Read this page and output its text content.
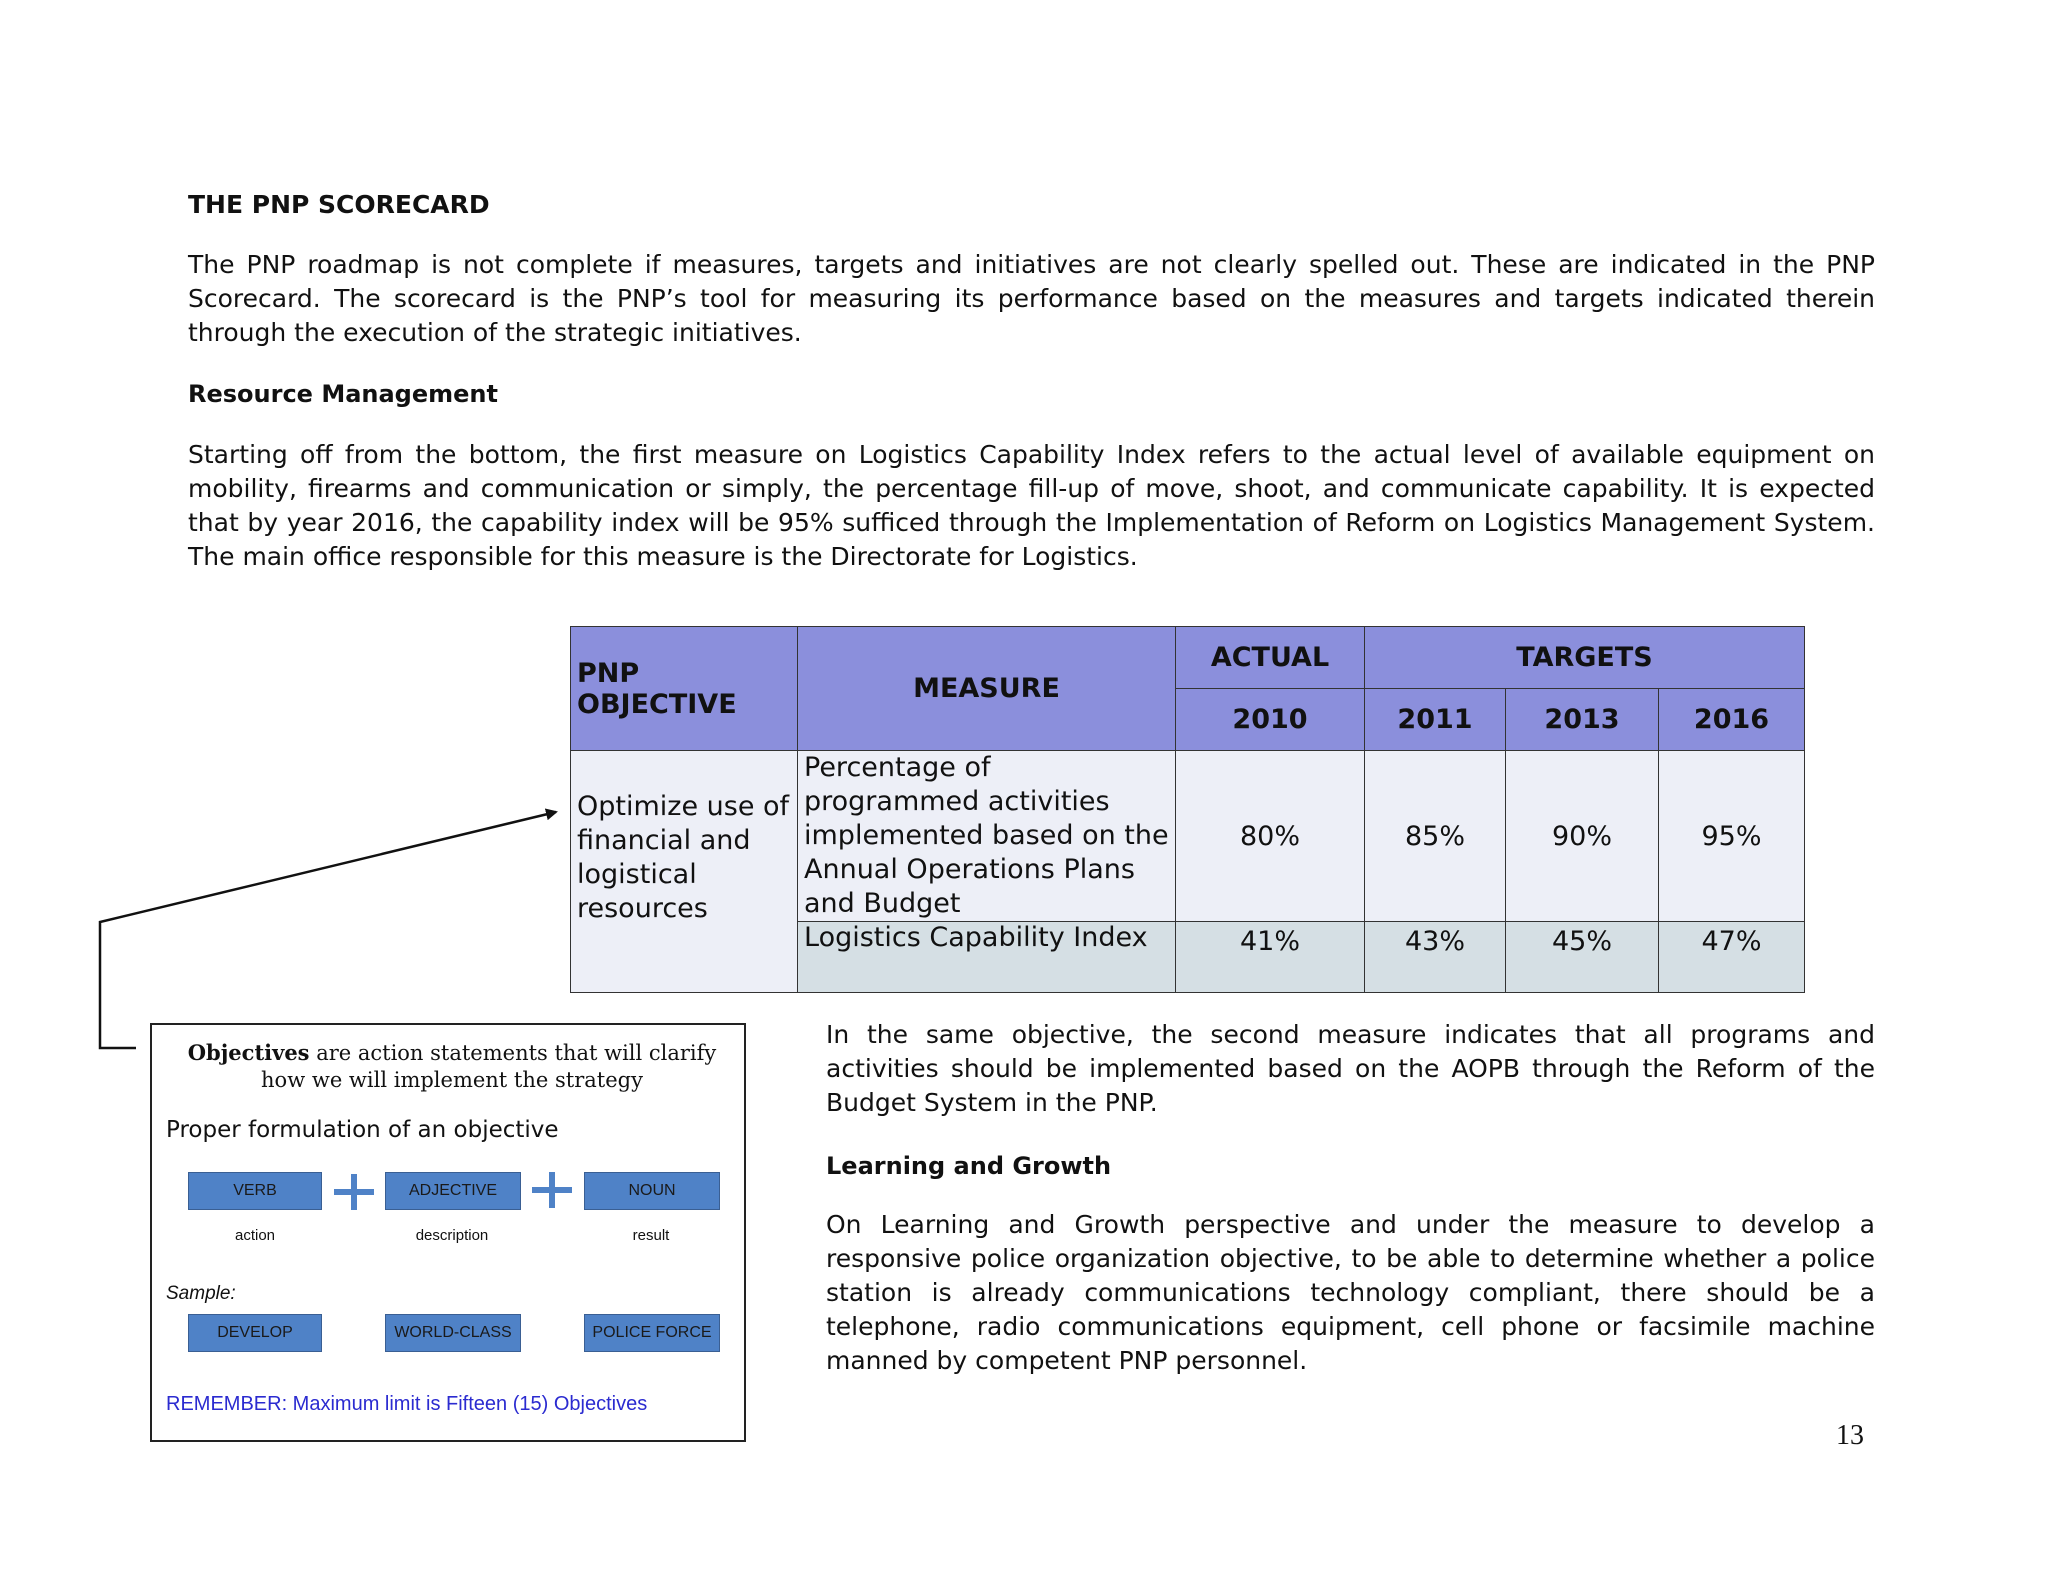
THE PNP SCORECARD

The PNP roadmap is not complete if measures, targets and initiatives are not clearly spelled out. These are indicated in the PNP Scorecard. The scorecard is the PNP’s tool for measuring its performance based on the measures and targets indicated therein through the execution of the strategic initiatives.

Resource Management

Starting off from the bottom, the first measure on Logistics Capability Index refers to the actual level of available equipment on mobility, firearms and communication or simply, the percentage fill-up of move, shoot, and communicate capability. It is expected that by year 2016, the capability index will be 95% sufficed through the Implementation of Reform on Logistics Management System. The main office responsible for this measure is the Directorate for Logistics.

PNP OBJECTIVE	MEASURE	ACTUAL	TARGETS		
		2010	2011	2013	2016

Optimize use of financial and logistical resources	Percentage of programmed activities implemented based on the Annual Operations Plans and Budget	80%	85%	90%	95%
	Logistics Capability Index	41%	43%	45%	47%
Objectives are action statements that will clarify how we will implement the strategy
Proper formulation of an objective
VERB	ADJECTIVE	NOUN
action	description	result
Sample:
DEVELOP	WORLD-CLASS	POLICE FORCE
REMEMBER: Maximum limit is Fifteen (15) Objectives

In the same objective, the second measure indicates that all programs and activities should be implemented based on the AOPB through the Reform of the Budget System in the PNP.

Learning and Growth

On Learning and Growth perspective and under the measure to develop a responsive police organization objective, to be able to determine whether a police station is already communications technology compliant, there should be a telephone, radio communications equipment, cell phone or facsimile machine manned by competent PNP personnel.

13
